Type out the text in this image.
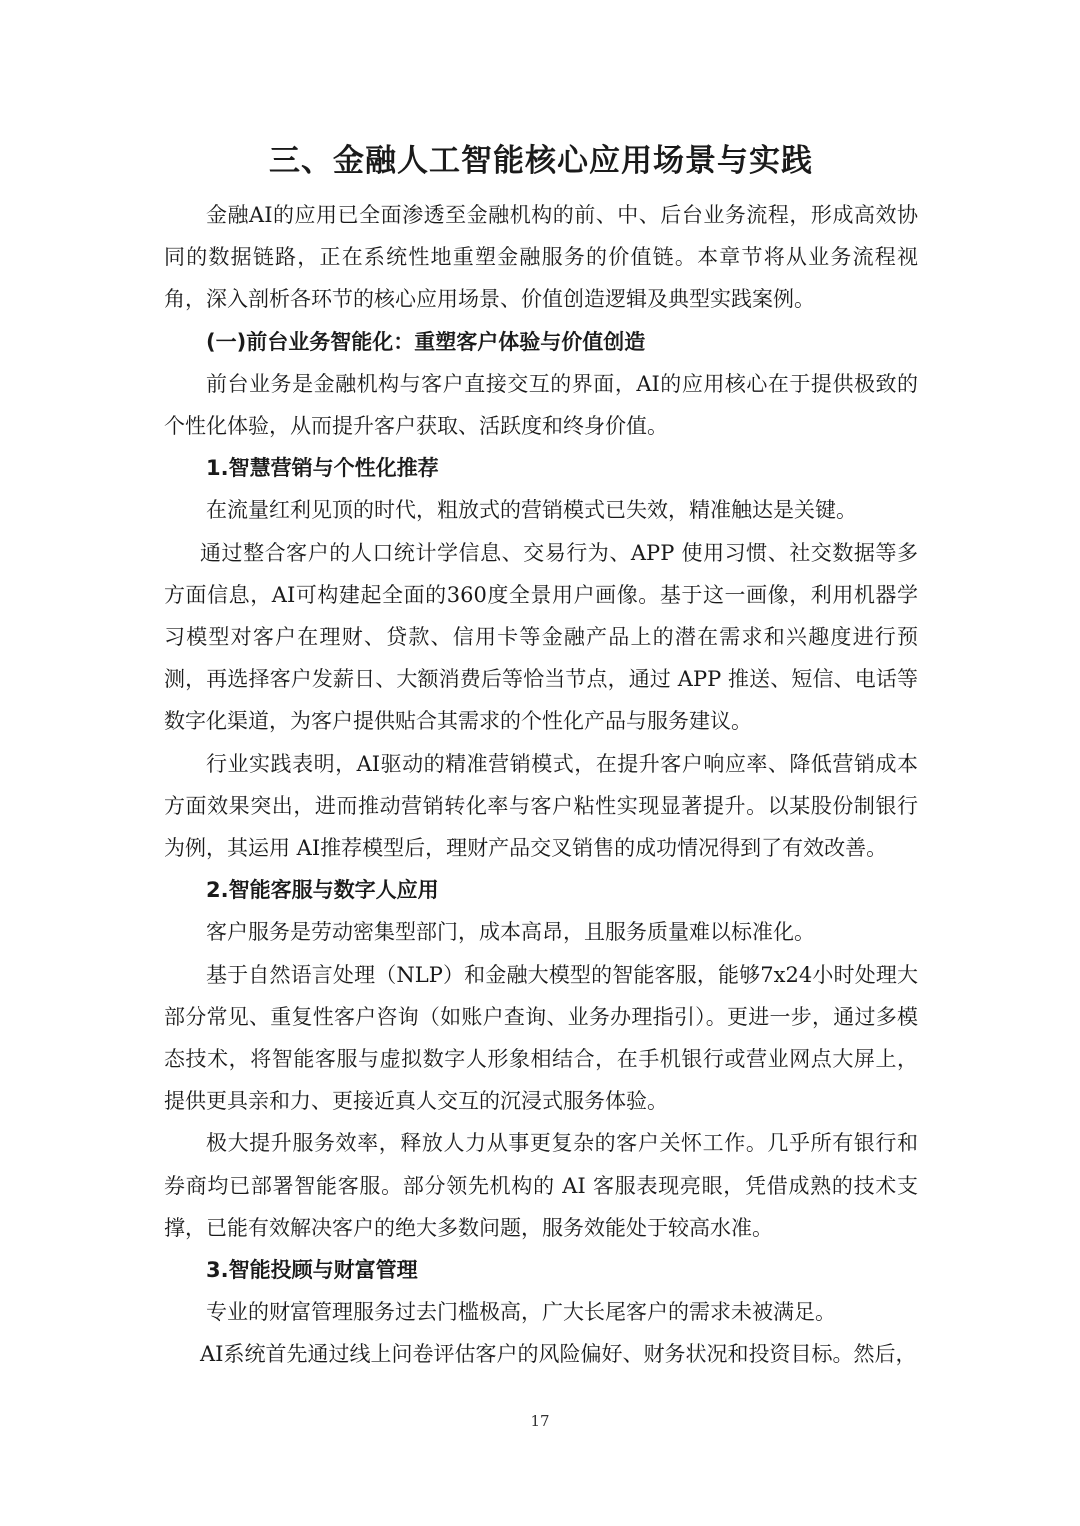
三、金融人工智能核心应用场景与实践

金融AI的应用已全面渗透至金融机构的前、中、后台业务流程，形成高效协同的数据链路，正在系统性地重塑金融服务的价值链。本章节将从业务流程视角，深入剖析各环节的核心应用场景、价值创造逻辑及典型实践案例。

(一)前台业务智能化：重塑客户体验与价值创造

前台业务是金融机构与客户直接交互的界面，AI的应用核心在于提供极致的个性化体验，从而提升客户获取、活跃度和终身价值。

1.智慧营销与个性化推荐

在流量红利见顶的时代，粗放式的营销模式已失效，精准触达是关键。

通过整合客户的人口统计学信息、交易行为、APP 使用习惯、社交数据等多方面信息，AI可构建起全面的360度全景用户画像。基于这一画像，利用机器学习模型对客户在理财、贷款、信用卡等金融产品上的潜在需求和兴趣度进行预测，再选择客户发薪日、大额消费后等恰当节点，通过 APP 推送、短信、电话等数字化渠道，为客户提供贴合其需求的个性化产品与服务建议。

行业实践表明，AI驱动的精准营销模式，在提升客户响应率、降低营销成本方面效果突出，进而推动营销转化率与客户粘性实现显著提升。以某股份制银行为例，其运用 AI推荐模型后，理财产品交叉销售的成功情况得到了有效改善。

2.智能客服与数字人应用

客户服务是劳动密集型部门，成本高昂，且服务质量难以标准化。

基于自然语言处理（NLP）和金融大模型的智能客服，能够7x24小时处理大部分常见、重复性客户咨询（如账户查询、业务办理指引）。更进一步，通过多模态技术，将智能客服与虚拟数字人形象相结合，在手机银行或营业网点大屏上，提供更具亲和力、更接近真人交互的沉浸式服务体验。

极大提升服务效率，释放人力从事更复杂的客户关怀工作。几乎所有银行和券商均已部署智能客服。部分领先机构的 AI 客服表现亮眼，凭借成熟的技术支撑，已能有效解决客户的绝大多数问题，服务效能处于较高水准。

3.智能投顾与财富管理

专业的财富管理服务过去门槛极高，广大长尾客户的需求未被满足。

AI系统首先通过线上问卷评估客户的风险偏好、财务状况和投资目标。然后，

17
